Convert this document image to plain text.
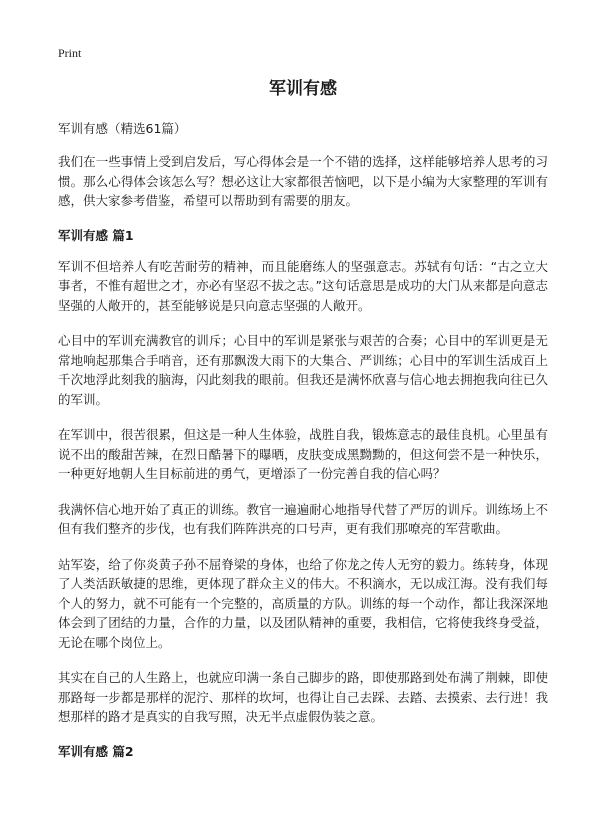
Print
军训有感

军训有感（精选61篇）

我们在一些事情上受到启发后，写心得体会是一个不错的选择，这样能够培养人思考的习惯。那么心得体会该怎么写？想必这让大家都很苦恼吧，以下是小编为大家整理的军训有感，供大家参考借鉴，希望可以帮助到有需要的朋友。

军训有感 篇1

军训不但培养人有吃苦耐劳的精神，而且能磨练人的坚强意志。苏轼有句话：“古之立大事者，不惟有超世之才，亦必有坚忍不拔之志。”这句话意思是成功的大门从来都是向意志坚强的人敞开的，甚至能够说是只向意志坚强的人敞开。

心目中的军训充满教官的训斥；心目中的军训是紧张与艰苦的合奏；心目中的军训更是无常地响起那集合手哨音，还有那飘泼大雨下的大集合、严训练；心目中的军训生活成百上千次地浮此刻我的脑海，闪此刻我的眼前。但我还是满怀欣喜与信心地去拥抱我向往已久的军训。

在军训中，很苦很累，但这是一种人生体验，战胜自我，锻炼意志的最佳良机。心里虽有说不出的酸甜苦辣，在烈日酷暑下的曝晒，皮肤变成黑黝黝的，但这何尝不是一种快乐，一种更好地朝人生目标前进的勇气，更增添了一份完善自我的信心吗？

我满怀信心地开始了真正的训练。教官一遍遍耐心地指导代替了严厉的训斥。训练场上不但有我们整齐的步伐，也有我们阵阵洪亮的口号声，更有我们那嘹亮的军营歌曲。

站军姿，给了你炎黄子孙不屈脊梁的身体，也给了你龙之传人无穷的毅力。练转身，体现了人类活跃敏捷的思维，更体现了群众主义的伟大。不积滴水，无以成江海。没有我们每个人的努力，就不可能有一个完整的，高质量的方队。训练的每一个动作，都让我深深地体会到了团结的力量，合作的力量，以及团队精神的重要，我相信，它将使我终身受益，无论在哪个岗位上。

其实在自己的人生路上，也就应印满一条自己脚步的路，即使那路到处布满了荆棘，即使那路每一步都是那样的泥泞、那样的坎坷，也得让自己去踩、去踏、去摸索、去行进！我想那样的路才是真实的自我写照，决无半点虚假伪装之意。

军训有感 篇2
